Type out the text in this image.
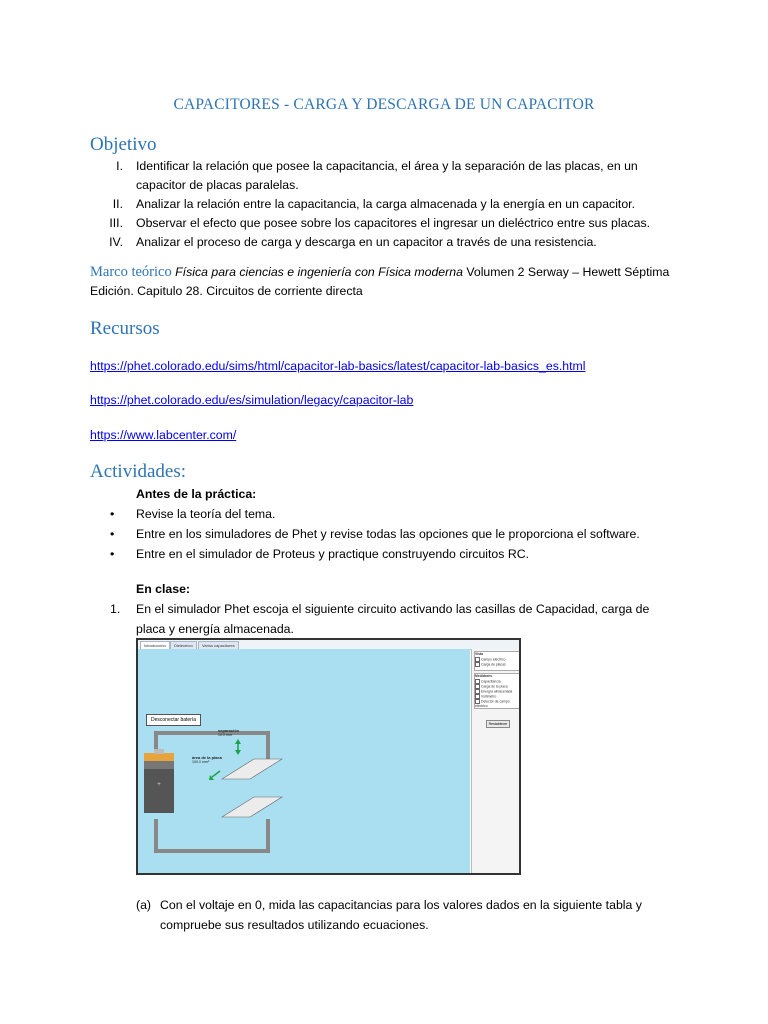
CAPACITORES - CARGA Y DESCARGA DE UN CAPACITOR
Objetivo
I.	Identificar la relación que posee la capacitancia, el área y la separación de las placas, en un capacitor de placas paralelas.
II.	Analizar la relación entre la capacitancia, la carga almacenada y la energía en un capacitor.
III.	Observar el efecto que posee sobre los capacitores el ingresar un dieléctrico entre sus placas.
IV.	Analizar el proceso de carga y descarga en un capacitor a través de una resistencia.
Marco teórico Física para ciencias e ingeniería con Física moderna Volumen 2 Serway – Hewett Séptima Edición. Capitulo 28. Circuitos de corriente directa
Recursos
https://phet.colorado.edu/sims/html/capacitor-lab-basics/latest/capacitor-lab-basics_es.html
https://phet.colorado.edu/es/simulation/legacy/capacitor-lab
https://www.labcenter.com/
Actividades:
Antes de la práctica:
•	Revise la teoría del tema.
•	Entre en los simuladores de Phet y revise todas las opciones que le proporciona el software.
•	Entre en el simulador de Proteus y practique construyendo circuitos RC.
En clase:
1.	En el simulador Phet escoja el siguiente circuito activando las casillas de Capacidad, carga de placa y energía almacenada.
Introducción	Dieléctrico	Varios capacitores
Desconectar batería
+
separación
10.0 mm
área de la placa
100.0 mm²
Vista
Campo eléctrico
Carga de placas
Medidores
Capacitancia
Carga de la placa
Energía almacenada
Voltímetro
Detector de campo eléctrico
Restablecer
(a) Con el voltaje en 0, mida las capacitancias para los valores dados en la siguiente tabla y compruebe sus resultados utilizando ecuaciones.
